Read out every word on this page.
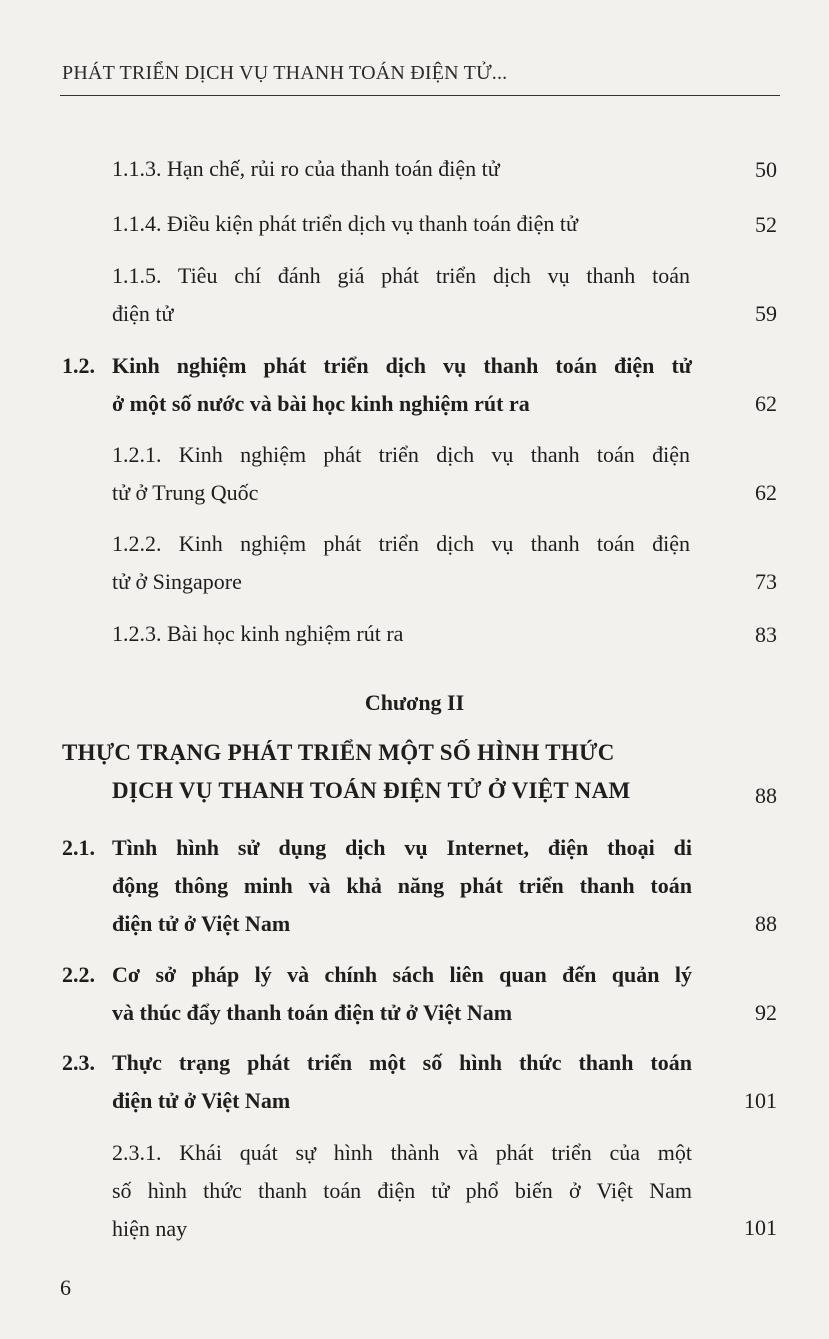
PHÁT TRIỂN DỊCH VỤ THANH TOÁN ĐIỆN TỬ...
1.1.3. Hạn chế, rủi ro của thanh toán điện tử	50
1.1.4. Điều kiện phát triển dịch vụ thanh toán điện tử	52
1.1.5. Tiêu chí đánh giá phát triển dịch vụ thanh toán
điện tử	59
1.2. Kinh nghiệm phát triển dịch vụ thanh toán điện tử
ở một số nước và bài học kinh nghiệm rút ra	62
1.2.1. Kinh nghiệm phát triển dịch vụ thanh toán điện
tử ở Trung Quốc	62
1.2.2. Kinh nghiệm phát triển dịch vụ thanh toán điện
tử ở Singapore	73
1.2.3. Bài học kinh nghiệm rút ra	83
Chương II
THỰC TRẠNG PHÁT TRIỂN MỘT SỐ HÌNH THỨC
DỊCH VỤ THANH TOÁN ĐIỆN TỬ Ở VIỆT NAM	88
2.1. Tình hình sử dụng dịch vụ Internet, điện thoại di
động thông minh và khả năng phát triển thanh toán
điện tử ở Việt Nam	88
2.2. Cơ sở pháp lý và chính sách liên quan đến quản lý
và thúc đẩy thanh toán điện tử ở Việt Nam	92
2.3. Thực trạng phát triển một số hình thức thanh toán
điện tử ở Việt Nam	101
2.3.1. Khái quát sự hình thành và phát triển của một
số hình thức thanh toán điện tử phổ biến ở Việt Nam
hiện nay	101
6
